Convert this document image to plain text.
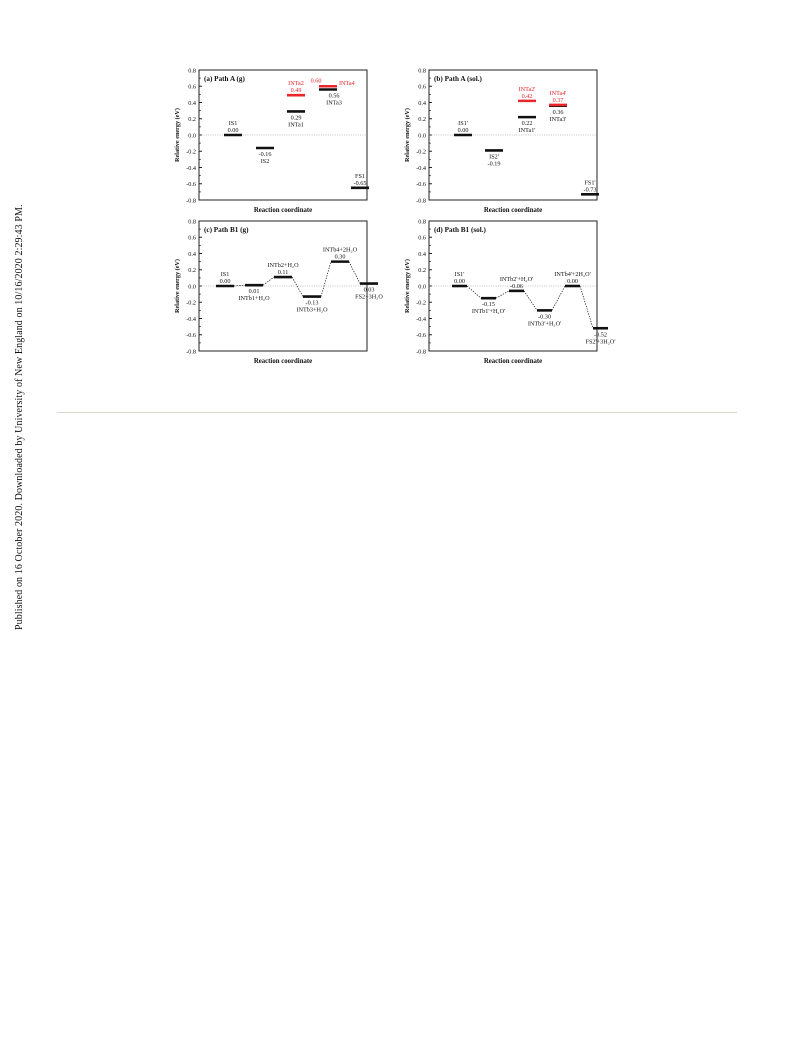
Published on 16 October 2020. Downloaded by University of New England on 10/16/2020 2:29:43 PM.
0.8
0.6
0.4
0.2
0.0
-0.2
-0.4
-0.6
-0.8
(a) Path A (g)
Reaction coordinate
Relative energy (eV)	IS1
0.00
-0.16
IS2
0.29
INTa1
INTa2
0.49
0.56
INTa3
0.60	INTa4
FS1
-0.65
0.8
0.6
0.4
0.2
0.0
-0.2
-0.4
-0.6
-0.8
(b) Path A (sol.)
Reaction coordinate
Relative energy (eV)	IS1'
0.00
IS2'
-0.19
0.22
INTa1'
INTa2'
0.42
0.36
INTa3'
INTa4'
0.37
FS1'
-0.73
0.8
0.6
0.4
0.2
0.0
-0.2
-0.4
-0.6
-0.8
(c) Path B1 (g)
Reaction coordinate
Relative energy (eV)	IS1
0.00
0.01
INTb1+H₂O
INTb2+H₂O
0.11
-0.13
INTb3+H₂O
INTb4+2H₂O
0.30
0.03
FS2+3H₂O
0.8
0.6
0.4
0.2
0.0
-0.2
-0.4
-0.6
-0.8
(d) Path B1 (sol.)
Reaction coordinate
Relative energy (eV)	IS1'
0.00
-0.15
INTb1'+H₂O'
INTb2'+H₂O'
-0.06
-0.30
INTb3'+H₂O'
INTb4'+2H₂O'
0.00
-0.52
FS2'+3H₂O'
